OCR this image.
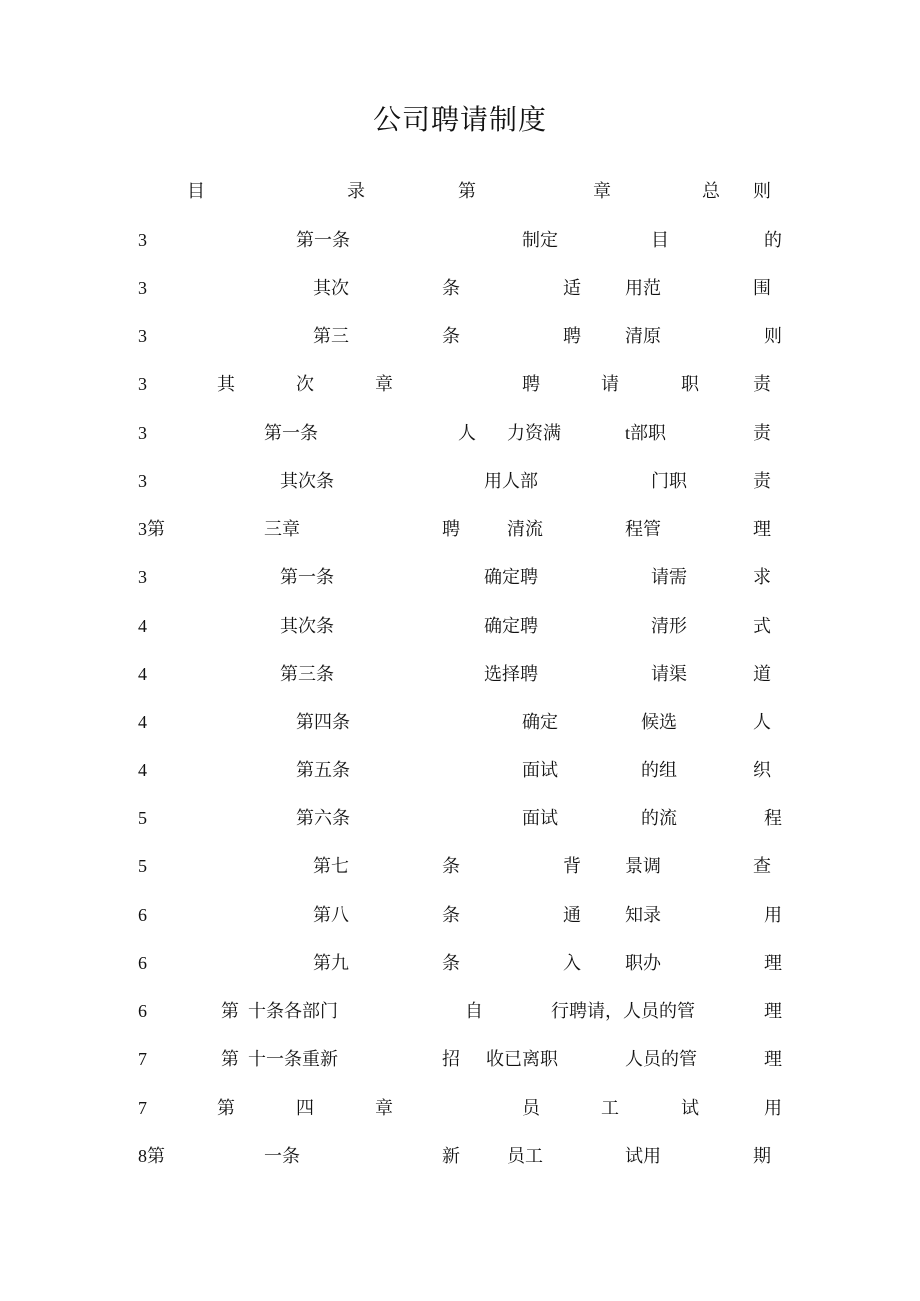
公司聘请制度
目	录	第	章	总 则
3	第一条	制定	目	的
3	其次	条	适 用范	围
3	第三	条	聘 清原	则
3	其	次	章	聘	请	职	责
3	第一条	人 力资满	t部职	责
3	其次条	用人部	门职	责
3第	三章	聘	清流	程管	理
3	第一条	确定聘	请需	求
4	其次条	确定聘	清形	式
4	第三条	选择聘	请渠	道
4	第四条	确定	候选	人
4	第五条	面试	的组	织
5	第六条	面试	的流	程
5	第七	条	背 景调	查
6	第八	条	通 知录	用
6	第九	条	入 职办	理
6	第  十条各部门	自	行聘请，人员的管	理
7	第  十一条重新	招 收已离职	人员的管	理
7	第	四	章	员	工	试	用
8第	一条	新	员工	试用	期
